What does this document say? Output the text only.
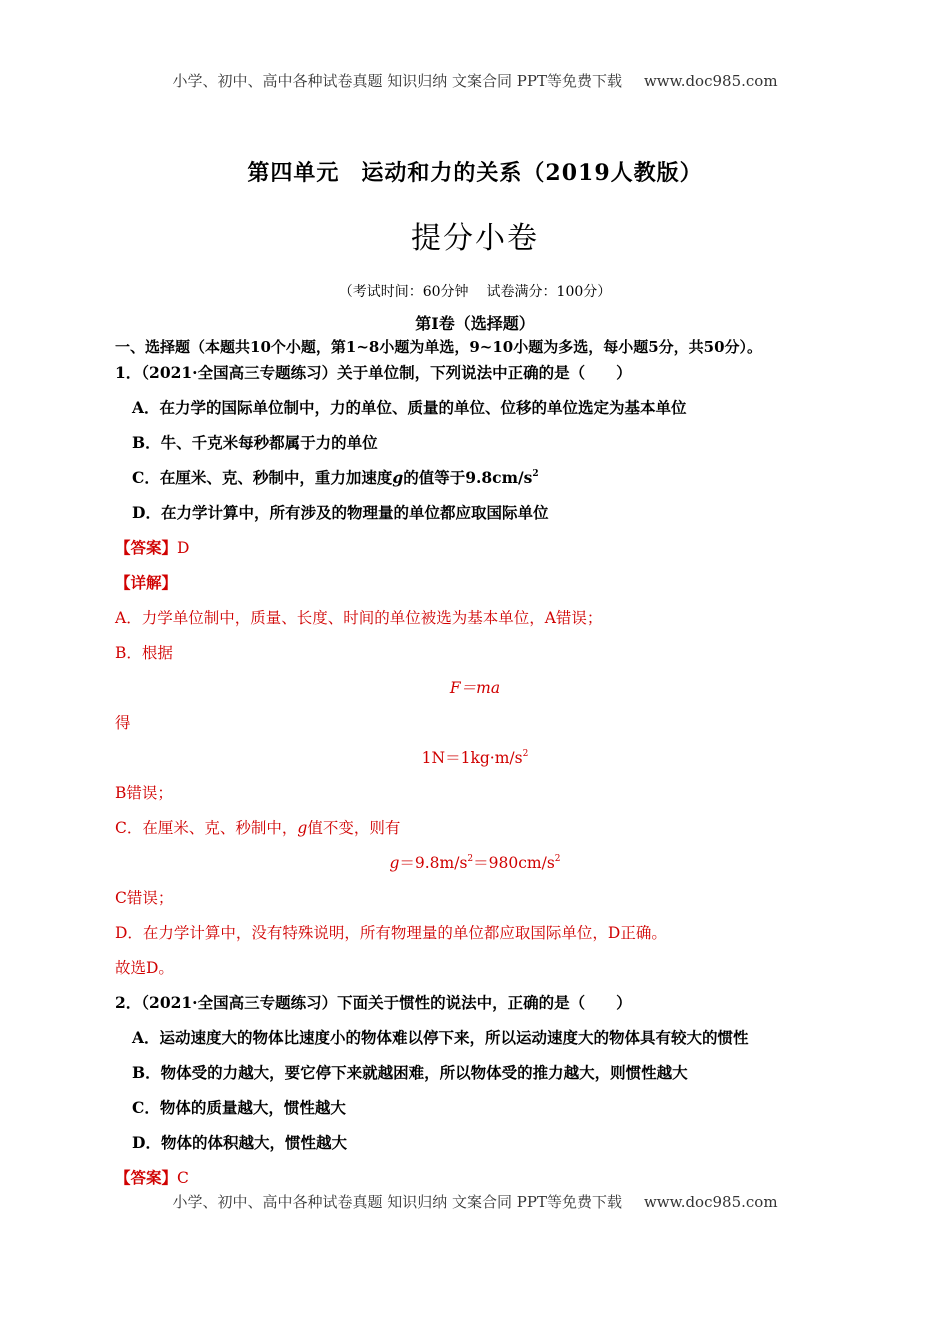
小学、初中、高中各种试卷真题 知识归纳 文案合同 PPT等免费下载 www.doc985.com
第四单元 运动和力的关系（2019人教版）
提分小卷
（考试时间：60分钟 试卷满分：100分）
第Ⅰ卷（选择题）
一、选择题（本题共10个小题，第1~8小题为单选，9~10小题为多选，每小题5分，共50分）。
1．（2021·全国高三专题练习）关于单位制，下列说法中正确的是（　　）
A．在力学的国际单位制中，力的单位、质量的单位、位移的单位选定为基本单位
B．牛、千克米每秒都属于力的单位
C．在厘米、克、秒制中，重力加速度g的值等于$9.8cm/s^2$
D．在力学计算中，所有涉及的物理量的单位都应取国际单位
【答案】D
【详解】
A．力学单位制中，质量、长度、时间的单位被选为基本单位，A错误；
B．根据
F＝ma
得
$1N=1kg\cdot m/s^2$
B错误；
C．在厘米、克、秒制中，g值不变，则有
$g=9.8m/s^2=980cm/s^2$
C错误；
D．在力学计算中，没有特殊说明，所有物理量的单位都应取国际单位，D正确。
故选D。
2．（2021·全国高三专题练习）下面关于惯性的说法中，正确的是（　　）
A．运动速度大的物体比速度小的物体难以停下来，所以运动速度大的物体具有较大的惯性
B．物体受的力越大，要它停下来就越困难，所以物体受的推力越大，则惯性越大
C．物体的质量越大，惯性越大
D．物体的体积越大，惯性越大
【答案】C
小学、初中、高中各种试卷真题 知识归纳 文案合同 PPT等免费下载 www.doc985.com
